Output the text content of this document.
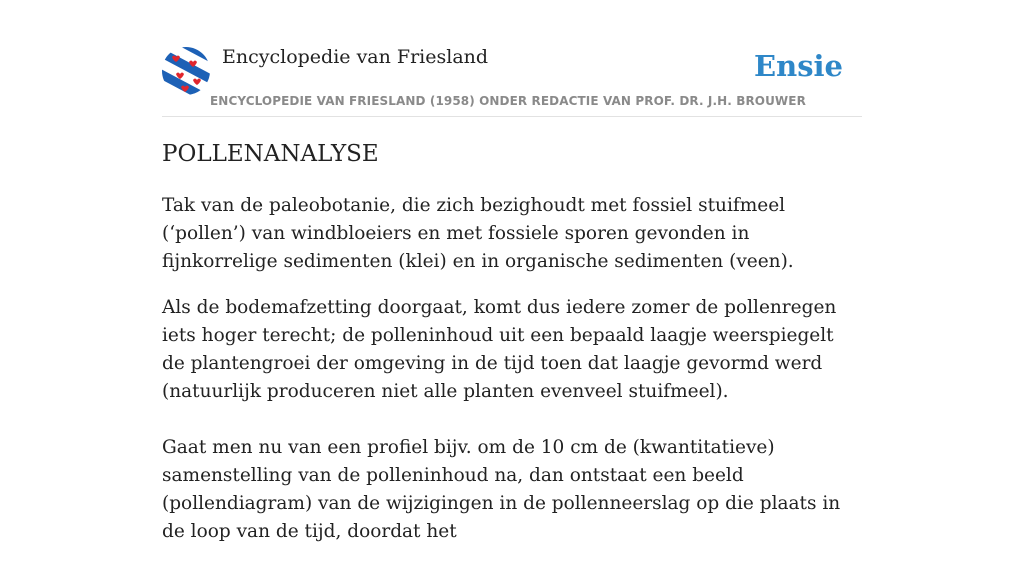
Encyclopedie van Friesland	Ensie
ENCYCLOPEDIE VAN FRIESLAND (1958) ONDER REDACTIE VAN PROF. DR. J.H. BROUWER
POLLENANALYSE

Tak van de paleobotanie, die zich bezighoudt met fossiel stuifmeel (‘pollen’) van windbloeiers en met fossiele sporen gevonden in fijnkorrelige sedimenten (klei) en in organische sedimenten (veen).

Als de bodemafzetting doorgaat, komt dus iedere zomer de pollenregen iets hoger terecht; de polleninhoud uit een bepaald laagje weerspiegelt de plantengroei der omgeving in de tijd toen dat laagje gevormd werd (natuurlijk produceren niet alle planten evenveel stuifmeel).

Gaat men nu van een profiel bijv. om de 10 cm de (kwantitatieve) samenstelling van de polleninhoud na, dan ontstaat een beeld (pollendiagram) van de wijzigingen in de pollenneerslag op die plaats in de loop van de tijd, doordat het
